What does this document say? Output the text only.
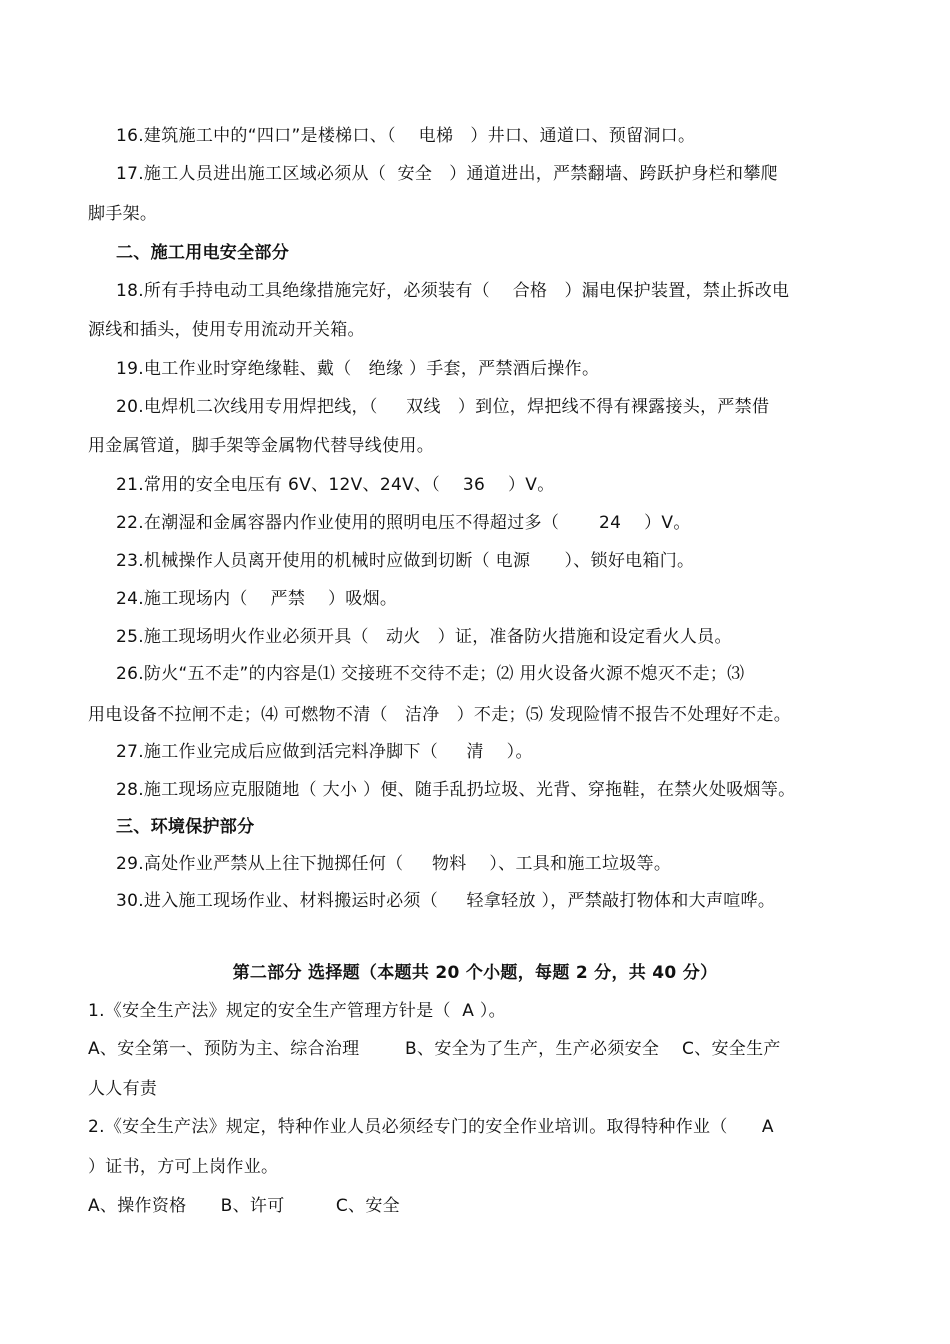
16.建筑施工中的“四口”是楼梯口、（    电梯   ）井口、通道口、预留洞口。
17.施工人员进出施工区域必须从（  安全   ）通道进出，严禁翻墙、跨跃护身栏和攀爬
脚手架。
二、施工用电安全部分
18.所有手持电动工具绝缘措施完好，必须装有（    合格   ）漏电保护装置，禁止拆改电
源线和插头，使用专用流动开关箱。
19.电工作业时穿绝缘鞋、戴（   绝缘 ）手套，严禁酒后操作。
20.电焊机二次线用专用焊把线，（     双线   ）到位，焊把线不得有裸露接头，严禁借
用金属管道，脚手架等金属物代替导线使用。
21.常用的安全电压有 6V、12V、24V、（    36    ）V。
22.在潮湿和金属容器内作业使用的照明电压不得超过多（       24    ）V。
23.机械操作人员离开使用的机械时应做到切断（ 电源      ）、锁好电箱门。
24.施工现场内（    严禁    ）吸烟。
25.施工现场明火作业必须开具（   动火   ）证，准备防火措施和设定看火人员。
26.防火“五不走”的内容是⑴ 交接班不交待不走；⑵ 用火设备火源不熄灭不走；⑶
用电设备不拉闸不走；⑷ 可燃物不清（   洁净   ）不走；⑸ 发现险情不报告不处理好不走。
27.施工作业完成后应做到活完料净脚下（     清    ）。
28.施工现场应克服随地（ 大小 ）便、随手乱扔垃圾、光背、穿拖鞋，在禁火处吸烟等。
三、环境保护部分
29.高处作业严禁从上往下抛掷任何（     物料    ）、工具和施工垃圾等。
30.进入施工现场作业、材料搬运时必须（     轻拿轻放 ），严禁敲打物体和大声喧哗。
第二部分 选择题（本题共 20 个小题，每题 2 分，共 40 分）
1.《安全生产法》规定的安全生产管理方针是（  A ）。
A、安全第一、预防为主、综合治理        B、安全为了生产，生产必须安全    C、安全生产
人人有责
2.《安全生产法》规定，特种作业人员必须经专门的安全作业培训。取得特种作业（      A
）证书，方可上岗作业。
A、操作资格      B、许可         C、安全
